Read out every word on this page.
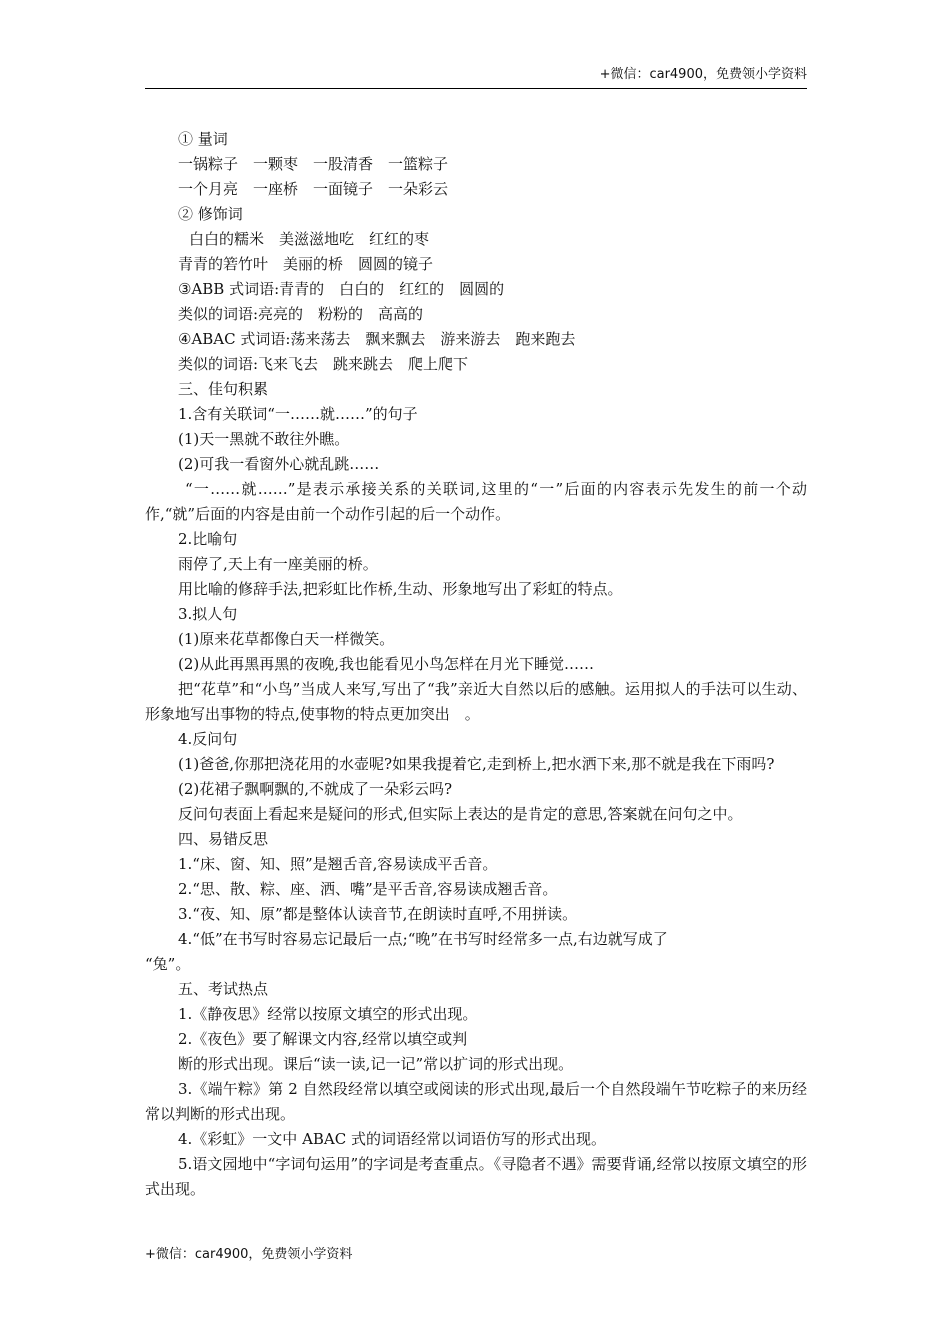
+微信：car4900，免费领小学资料
① 量词
一锅粽子　一颗枣　一股清香　一篮粽子
一个月亮　一座桥　一面镜子　一朵彩云
② 修饰词
白白的糯米　美滋滋地吃　红红的枣
青青的箬竹叶　美丽的桥　圆圆的镜子
③ABB 式词语:青青的　白白的　红红的　圆圆的
类似的词语:亮亮的　粉粉的　高高的
④ABAC 式词语:荡来荡去　飘来飘去　游来游去　跑来跑去
类似的词语:飞来飞去　跳来跳去　爬上爬下
三、佳句积累
1.含有关联词“一……就……”的句子
(1)天一黑就不敢往外瞧。
(2)可我一看窗外心就乱跳……
“一……就……”是表示承接关系的关联词,这里的“一”后面的内容表示先发生的前一个动作,“就”后面的内容是由前一个动作引起的后一个动作。
2.比喻句
雨停了,天上有一座美丽的桥。
用比喻的修辞手法,把彩虹比作桥,生动、形象地写出了彩虹的特点。
3.拟人句
(1)原来花草都像白天一样微笑。
(2)从此再黑再黑的夜晚,我也能看见小鸟怎样在月光下睡觉……
把“花草”和“小鸟”当成人来写,写出了“我”亲近大自然以后的感触。运用拟人的手法可以生动、形象地写出事物的特点,使事物的特点更加突出　。
4.反问句
(1)爸爸,你那把浇花用的水壶呢?如果我提着它,走到桥上,把水洒下来,那不就是我在下雨吗?
(2)花裙子飘啊飘的,不就成了一朵彩云吗?
反问句表面上看起来是疑问的形式,但实际上表达的是肯定的意思,答案就在问句之中。
四、易错反思
1.“床、窗、知、照”是翘舌音,容易读成平舌音。
2.“思、散、粽、座、洒、嘴”是平舌音,容易读成翘舌音。
3.“夜、知、原”都是整体认读音节,在朗读时直呼,不用拼读。
4.“低”在书写时容易忘记最后一点;“晚”在书写时经常多一点,右边就写成了
“兔”。
五、考试热点
1.《静夜思》经常以按原文填空的形式出现。
2.《夜色》要了解课文内容,经常以填空或判
断的形式出现。课后“读一读,记一记”常以扩词的形式出现。
3.《端午粽》第 2 自然段经常以填空或阅读的形式出现,最后一个自然段端午节吃粽子的来历经常以判断的形式出现。
4.《彩虹》一文中 ABAC 式的词语经常以词语仿写的形式出现。
5.语文园地中“字词句运用”的字词是考查重点。《寻隐者不遇》需要背诵,经常以按原文填空的形式出现。
+微信：car4900，免费领小学资料
